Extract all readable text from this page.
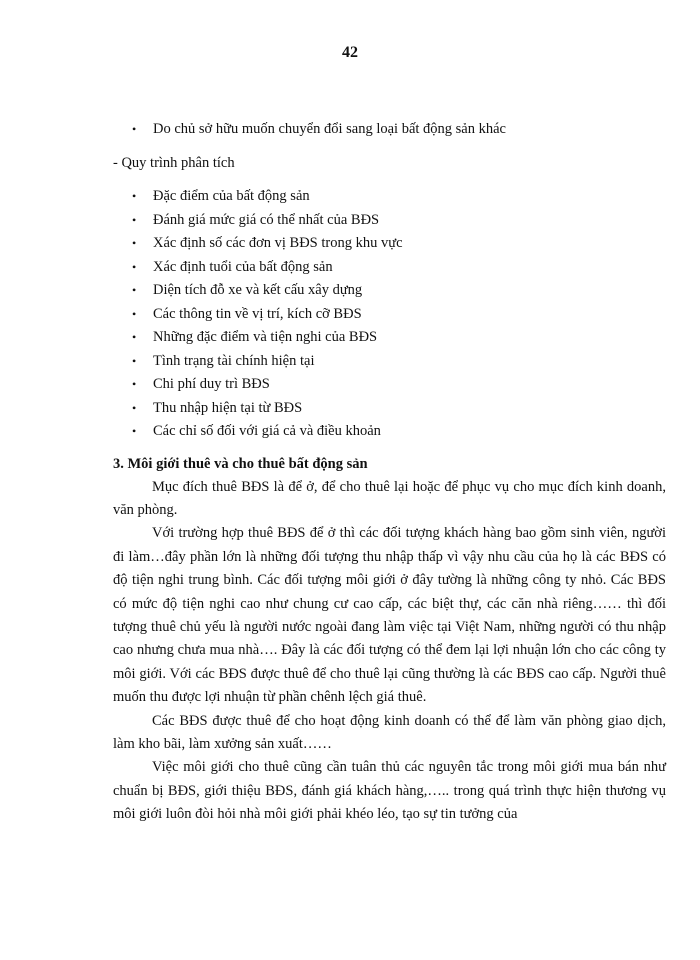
42
• Do chủ sở hữu muốn chuyển đổi sang loại bất động sản khác
- Quy trình phân tích
• Đặc điểm của bất động sản
• Đánh giá mức giá có thể nhất của BĐS
• Xác định số các đơn vị BĐS trong khu vực
• Xác định tuổi của bất động sản
• Diện tích đỗ xe và kết cấu xây dựng
• Các thông tin về vị trí, kích cỡ BĐS
• Những đặc điểm và tiện nghi của BĐS
• Tình trạng tài chính hiện tại
• Chi phí duy trì BĐS
• Thu nhập hiện tại từ BĐS
• Các chỉ số đối với giá cả và điều khoản
3. Môi giới thuê và cho thuê bất động sản

Mục đích thuê BĐS là để ở, để cho thuê lại hoặc để phục vụ cho mục đích kinh doanh, văn phòng.

Với trường hợp thuê BĐS để ở thì các đối tượng khách hàng bao gồm sinh viên, người đi làm…đây phần lớn là những đối tượng thu nhập thấp vì vậy nhu cầu của họ là các BĐS có độ tiện nghi trung bình. Các đối tượng môi giới ở đây tường là những công ty nhỏ. Các BĐS có mức độ tiện nghi cao như chung cư cao cấp, các biệt thự, các căn nhà riêng…… thì đối tượng thuê chủ yếu là người nước ngoài đang làm việc tại Việt Nam, những người có thu nhập cao nhưng chưa mua nhà…. Đây là các đối tượng có thể đem lại lợi nhuận lớn cho các công ty môi giới. Với các BĐS được thuê để cho thuê lại cũng thường là các BĐS cao cấp. Người thuê muốn thu được lợi nhuận từ phần chênh lệch giá thuê.

Các BĐS được thuê để cho hoạt động kinh doanh có thể để làm văn phòng giao dịch, làm kho bãi, làm xưởng sản xuất……

Việc môi giới cho thuê cũng cần tuân thủ các nguyên tắc trong môi giới mua bán như chuẩn bị BĐS, giới thiệu BĐS, đánh giá khách hàng,….. trong quá trình thực hiện thương vụ môi giới luôn đòi hỏi nhà môi giới phải khéo léo, tạo sự tin tưởng của
